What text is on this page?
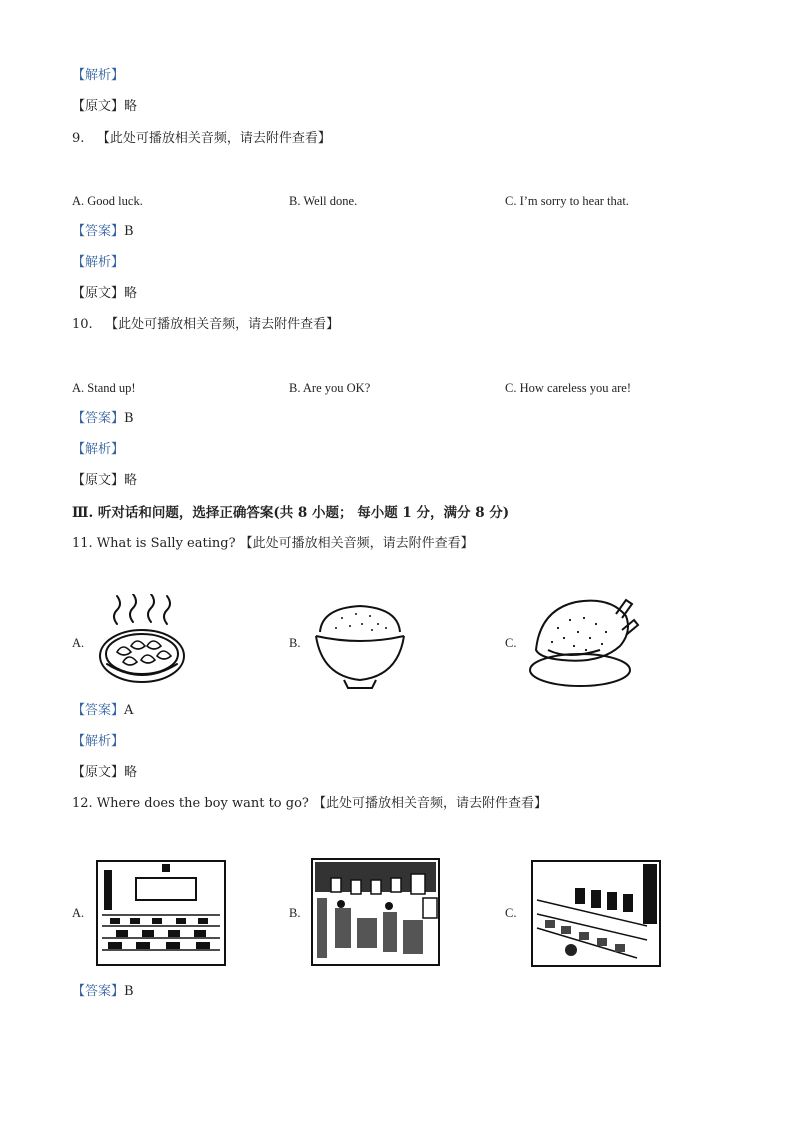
【解析】
【原文】略
9. 【此处可播放相关音频，请去附件查看】
A. Good luck.	B. Well done.	C. I’m sorry to hear that.
【答案】B
【解析】
【原文】略
10. 【此处可播放相关音频，请去附件查看】
A. Stand up!	B. Are you OK?	C. How careless you are!
【答案】B
【解析】
【原文】略
Ⅲ. 听对话和问题，选择正确答案(共 8 小题； 每小题 1 分，满分 8 分)
11. What is Sally eating? 【此处可播放相关音频，请去附件查看】
A.	B.	C.
【答案】A
【解析】
【原文】略
12. Where does the boy want to go? 【此处可播放相关音频，请去附件查看】
A.	B.	C.
【答案】B
